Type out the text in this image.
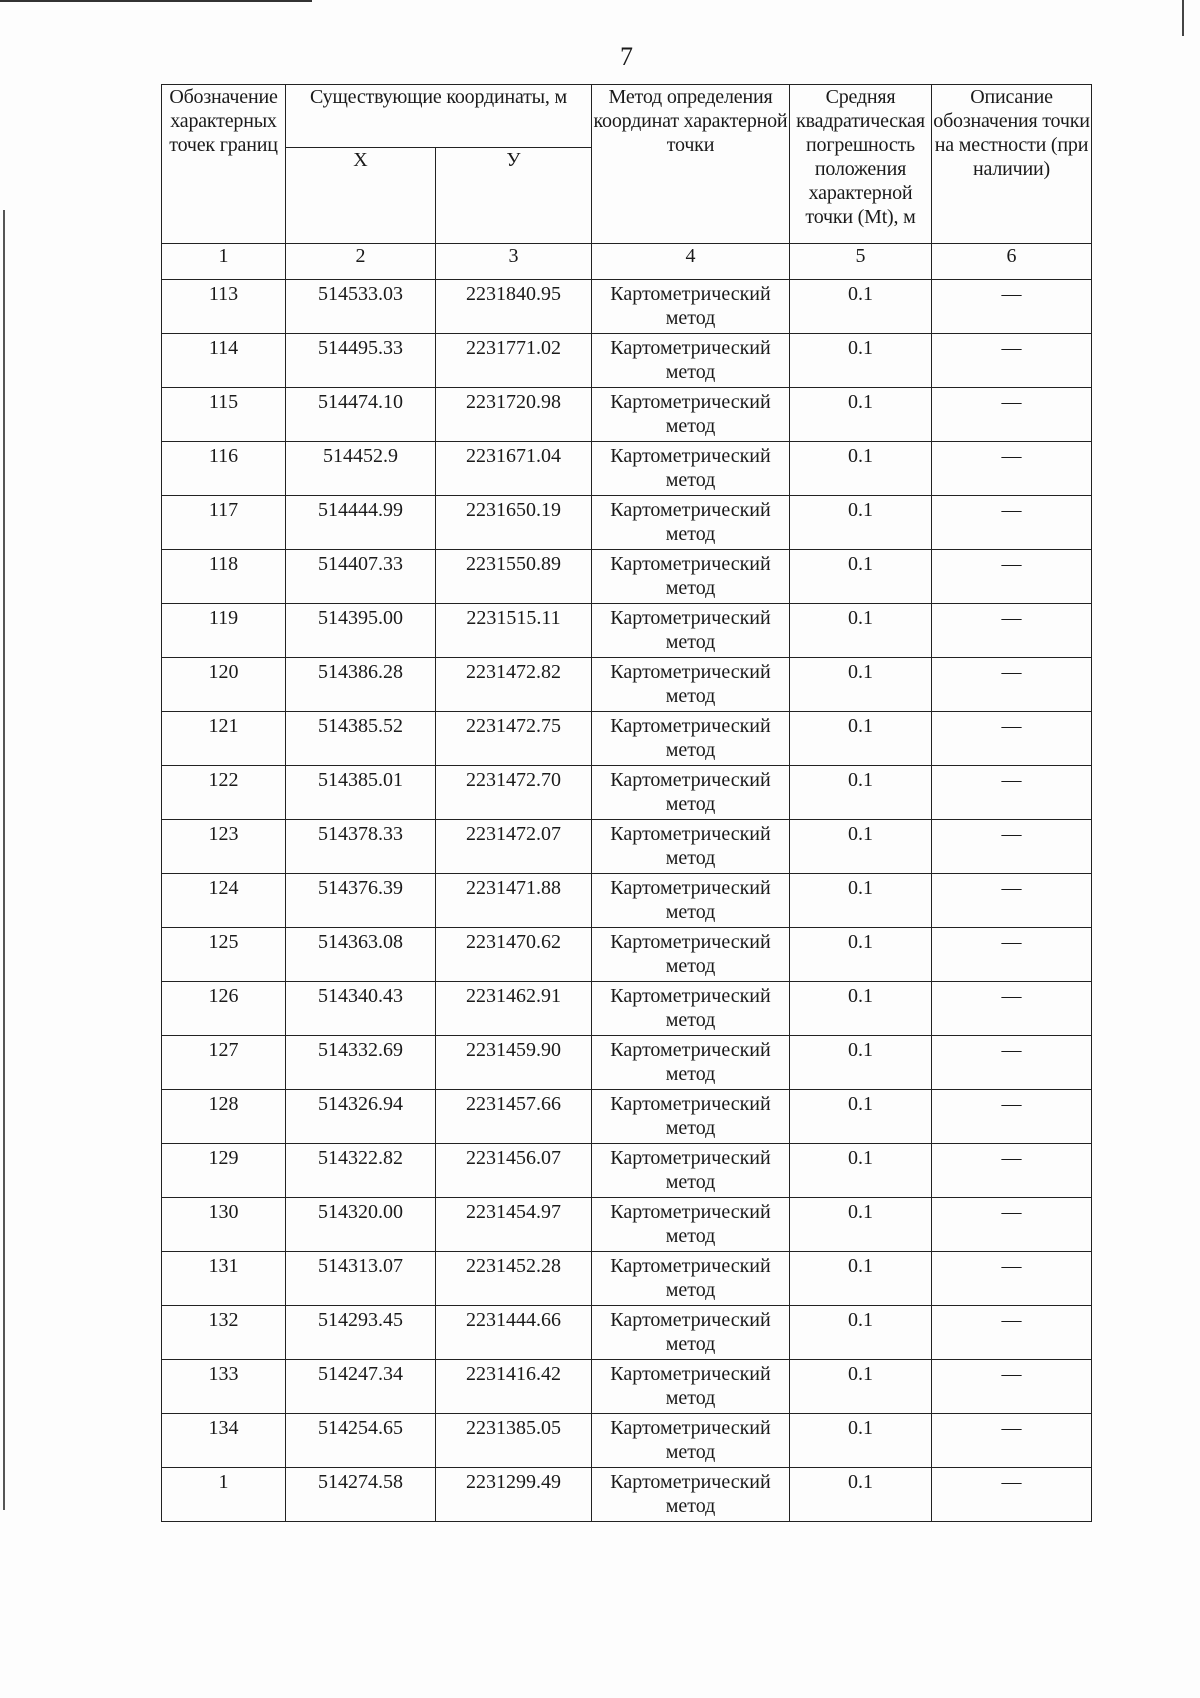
7
Обозначение характерных точек границ	Существующие координаты, м		Метод определения координат характерной точки	Средняя квадратическая погрешность положения характерной точки (Mt), м	Описание обозначения точки на местности (при наличии)
	X	У			
1	2	3	4	5	6
113	514533.03	2231840.95	Картометрический метод	0.1	—
114	514495.33	2231771.02	Картометрический метод	0.1	—
115	514474.10	2231720.98	Картометрический метод	0.1	—
116	514452.9	2231671.04	Картометрический метод	0.1	—
117	514444.99	2231650.19	Картометрический метод	0.1	—
118	514407.33	2231550.89	Картометрический метод	0.1	—
119	514395.00	2231515.11	Картометрический метод	0.1	—
120	514386.28	2231472.82	Картометрический метод	0.1	—
121	514385.52	2231472.75	Картометрический метод	0.1	—
122	514385.01	2231472.70	Картометрический метод	0.1	—
123	514378.33	2231472.07	Картометрический метод	0.1	—
124	514376.39	2231471.88	Картометрический метод	0.1	—
125	514363.08	2231470.62	Картометрический метод	0.1	—
126	514340.43	2231462.91	Картометрический метод	0.1	—
127	514332.69	2231459.90	Картометрический метод	0.1	—
128	514326.94	2231457.66	Картометрический метод	0.1	—
129	514322.82	2231456.07	Картометрический метод	0.1	—
130	514320.00	2231454.97	Картометрический метод	0.1	—
131	514313.07	2231452.28	Картометрический метод	0.1	—
132	514293.45	2231444.66	Картометрический метод	0.1	—
133	514247.34	2231416.42	Картометрический метод	0.1	—
134	514254.65	2231385.05	Картометрический метод	0.1	—
1	514274.58	2231299.49	Картометрический метод	0.1	—
